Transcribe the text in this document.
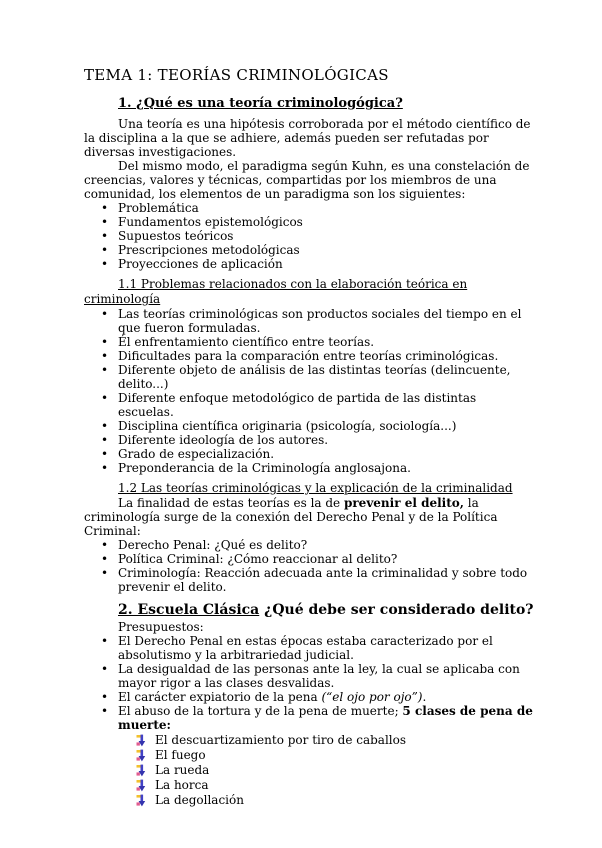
TEMA 1: TEORÍAS CRIMINOLÓGICAS
1. ¿Qué es una teoría criminologógica?

Una teoría es una hipótesis corroborada por el método científico de la disciplina a la que se adhiere, además pueden ser refutadas por diversas investigaciones.

Del mismo modo, el paradigma según Kuhn, es una constelación de creencias, valores y técnicas, compartidas por los miembros de una comunidad, los elementos de un paradigma son los siguientes:

• Problemática
• Fundamentos epistemológicos
• Supuestos teóricos
• Prescripciones metodológicas
• Proyecciones de aplicación
1.1 Problemas relacionados con la elaboración teórica en criminología
• Las teorías criminológicas son productos sociales del tiempo en el que fueron formuladas.
• Él enfrentamiento científico entre teorías.
• Dificultades para la comparación entre teorías criminológicas.
• Diferente objeto de análisis de las distintas teorías (delincuente, delito...)
• Diferente enfoque metodológico de partida de las distintas escuelas.
• Disciplina científica originaria (psicología, sociología...)
• Diferente ideología de los autores.
• Grado de especialización.
• Preponderancia de la Criminología anglosajona.
1.2 Las teorías criminológicas y la explicación de la criminalidad

La finalidad de estas teorías es la de prevenir el delito, la criminología surge de la conexión del Derecho Penal y de la Política Criminal:

• Derecho Penal: ¿Qué es delito?
• Política Criminal: ¿Cómo reaccionar al delito?
• Criminología: Reacción adecuada ante la criminalidad y sobre todo prevenir el delito.
2. Escuela Clásica ¿Qué debe ser considerado delito?

Presupuestos:

• El Derecho Penal en estas épocas estaba caracterizado por el absolutismo y la arbitrariedad judicial.
• La desigualdad de las personas ante la ley, la cual se aplicaba con mayor rigor a las clases desvalidas.
• El carácter expiatorio de la pena (“el ojo por ojo”).
• El abuso de la tortura y de la pena de muerte; 5 clases de pena de muerte:
El descuartizamiento por tiro de caballos
El fuego
La rueda
La horca
La degollación
